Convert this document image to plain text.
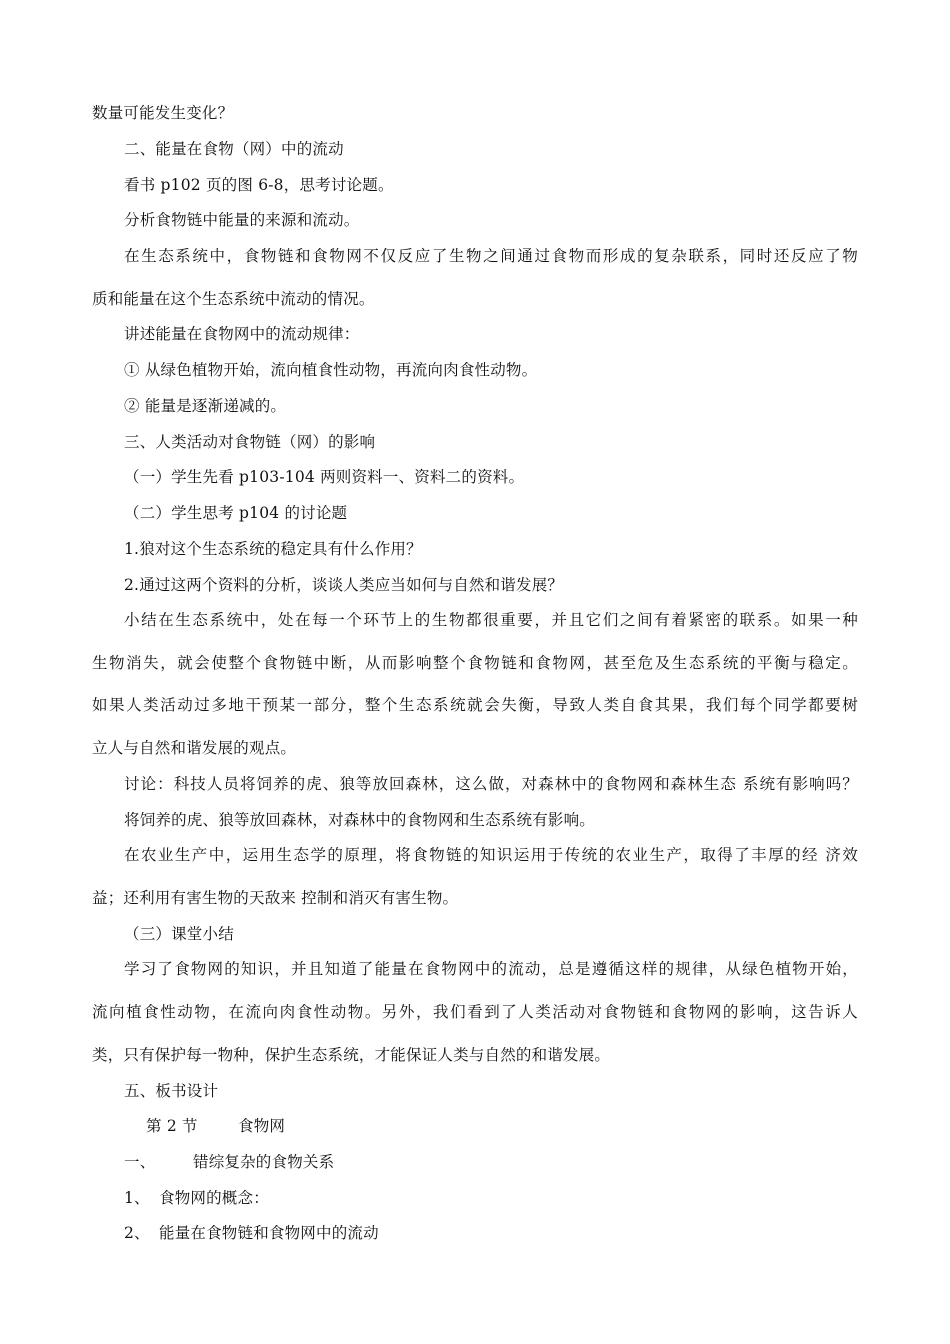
数量可能发生变化？
二、能量在食物（网）中的流动
看书 p102 页的图 6-8，思考讨论题。
分析食物链中能量的来源和流动。
在生态系统中，食物链和食物网不仅反应了生物之间通过食物而形成的复杂联系，同时还反应了物
质和能量在这个生态系统中流动的情况。
讲述能量在食物网中的流动规律：
① 从绿色植物开始，流向植食性动物，再流向肉食性动物。
② 能量是逐渐递减的。
三、人类活动对食物链（网）的影响
（一）学生先看 p103-104 两则资料一、资料二的资料。
（二）学生思考 p104 的讨论题
1.狼对这个生态系统的稳定具有什么作用？
2.通过这两个资料的分析，谈谈人类应当如何与自然和谐发展？
小结在生态系统中，处在每一个环节上的生物都很重要，并且它们之间有着紧密的联系。如果一种
生物消失，就会使整个食物链中断，从而影响整个食物链和食物网，甚至危及生态系统的平衡与稳定。
如果人类活动过多地干预某一部分，整个生态系统就会失衡，导致人类自食其果，我们每个同学都要树
立人与自然和谐发展的观点。
讨论：科技人员将饲养的虎、狼等放回森林，这么做，对森林中的食物网和森林生态 系统有影响吗？
将饲养的虎、狼等放回森林，对森林中的食物网和生态系统有影响。
在农业生产中，运用生态学的原理，将食物链的知识运用于传统的农业生产，取得了丰厚的经 济效
益；还利用有害生物的天敌来 控制和消灭有害生物。
（三）课堂小结
学习了食物网的知识，并且知道了能量在食物网中的流动，总是遵循这样的规律，从绿色植物开始，
流向植食性动物，在流向肉食性动物。另外，我们看到了人类活动对食物链和食物网的影响，这告诉人
类，只有保护每一物种，保护生态系统，才能保证人类与自然的和谐发展。
五、板书设计
第 2 节	食物网
一、 错综复杂的食物关系
1、 食物网的概念：
2、 能量在食物链和食物网中的流动
